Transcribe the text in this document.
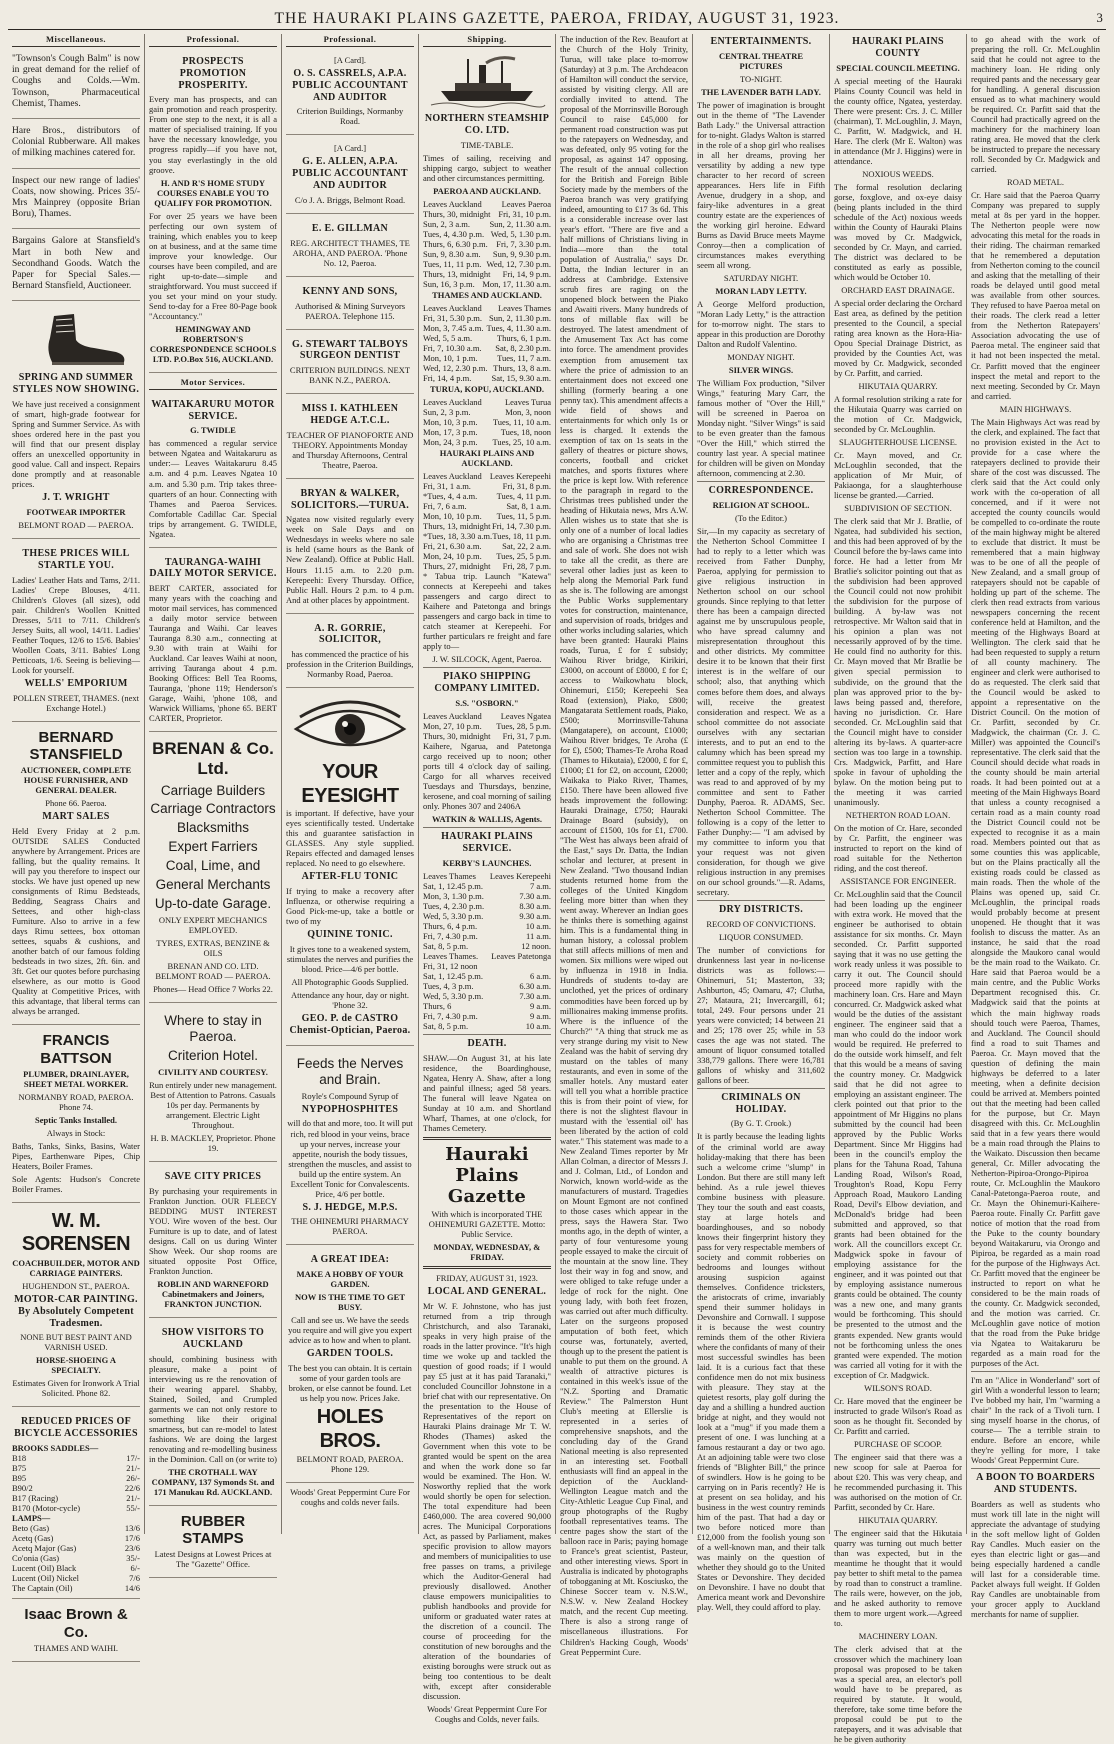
THE HAURAKI PLAINS GAZETTE, PAEROA, FRIDAY, AUGUST 31, 1923.	3
Miscellaneous.

"Townson's Cough Balm" is now in great demand for the relief of Coughs and Colds.—Wm. Townson, Pharmaceutical Chemist, Thames.

Hare Bros., distributors of Colonial Rubberware. All makes of milking machines catered for.

Inspect our new range of ladies' Coats, now showing. Prices 35/- Mrs Mainprey (opposite Brian Boru), Thames.

Bargains Galore at Stansfield's Mart in both New and Secondhand Goods. Watch the Paper for Special Sales.—Bernard Stansfield, Auctioneer.

SPRING AND SUMMER STYLES NOW SHOWING.

We have just received a consignment of smart, high-grade footwear for Spring and Summer Service. As with shoes ordered here in the past you will find that our present display offers an unexcelled opportunity in good value. Call and inspect. Repairs done promptly and at reasonable prices.

J. T. WRIGHT
FOOTWEAR IMPORTER
BELMONT ROAD — PAEROA.
THESE PRICES WILL STARTLE YOU.

Ladies' Leather Hats and Tams, 2/11. Ladies' Crepe Blouses, 4/11. Children's Gloves (all sizes), odd pair. Children's Woollen Knitted Dresses, 5/11 to 7/11. Children's Jersey Suits, all wool, 14/11. Ladies' Feather Toques, 12/6 to 15/6. Babies' Woollen Coats, 3/11. Babies' Long Petticoats, 1/6. Seeing is believing—Look for yourself.

WELLS' EMPORIUM
POLLEN STREET, THAMES. (next Exchange Hotel.)
BERNARD STANSFIELD
AUCTIONEER, COMPLETE HOUSE FURNISHER, AND GENERAL DEALER.
Phone 66. Paeroa.
MART SALES

Held Every Friday at 2 p.m. OUTSIDE SALES Conducted anywhere by Arrangement. Prices are falling, but the quality remains. It will pay you therefore to inspect our stocks. We have just opened up new consignments of Rimu Bedsteads, Bedding, Seagrass Chairs and Settees, and other high-class Furniture. Also to arrive in a few days Rimu settees, box ottoman settees, squabs & cushions, and another batch of our famous folding bedsteads in two sizes, 2ft. 6in. and 3ft. Get our quotes before purchasing elsewhere, as our motto is Good Quality at Competitive Prices, with this advantage, that liberal terms can always be arranged.

FRANCIS BATTSON
PLUMBER, DRAINLAYER, SHEET METAL WORKER.
NORMANBY ROAD, PAEROA. Phone 74.
Septic Tanks Installed.
Always in Stock:

Baths, Tanks, Sinks, Basins, Water Pipes, Earthenware Pipes, Chip Heaters, Boiler Frames.

Sole Agents: Hudson's Concrete Boiler Frames.

W. M. SORENSEN
COACHBUILDER, MOTOR AND CARRIAGE PAINTERS.
HUGHENDON ST., PAEROA.
MOTOR-CAR PAINTING. By Absolutely Competent Tradesmen.
NONE BUT BEST PAINT AND VARNISH USED.
HORSE-SHOEING A SPECIALTY.
Estimates Given for Ironwork A Trial Solicited. Phone 82.
REDUCED PRICES OF BICYCLE ACCESSORIES
BROOKS SADDLES—
B18	17/-
B75	21/-
B95	26/-
B90/2	22/6
B17 (Racing)	21/-
B170 (Motor-cycle)	55/-
LAMPS—
Beto (Gas)	13/6
Acetq (Gas)	17/6
Acetq Major (Gas)	23/6
Co'onia (Gas)	35/-
Lucent (Oil) Black	6/-
Lucent (Oil) Nickel	7/6
The Captain (Oil)	14/6
Isaac Brown & Co.
THAMES AND WAIHI.
Professional.
PROSPECTS PROMOTION PROSPERITY.

Every man has prospects, and can gain promotion and reach prosperity. From one step to the next, it is all a matter of specialised training. If you have the necessary knowledge, you progress rapidly—if you have not, you stay everlastingly in the old groove.

H. AND R'S HOME STUDY COURSES ENABLE YOU TO QUALIFY FOR PROMOTION.

For over 25 years we have been perfecting our own system of training, which enables you to keep on at business, and at the same time improve your knowledge. Our courses have been compiled, and are right up-to-date—simple and straightforward. You must succeed if you set your mind on your study. Send to-day for a Free 80-Page book "Accountancy."

HEMINGWAY AND ROBERTSON'S CORRESPONDENCE SCHOOLS LTD. P.O.Box 516, AUCKLAND.
Motor Services.
WAITAKARURU MOTOR SERVICE.
G. TWIDLE

has commenced a regular service between Ngatea and Waitakaruru as under:— Leaves Waitakaruru 8.45 a.m. and 4 p.m. Leaves Ngatea 10 a.m. and 5.30 p.m. Trip takes three-quarters of an hour. Connecting with Thames and Paeroa Services. Comfortable Cadillac Car. Special trips by arrangement. G. TWIDLE, Ngatea.

TAURANGA-WAIHI DAILY MOTOR SERVICE.

BERT CARTER, associated for many years with the coaching and motor mail services, has commenced a daily motor service between Tauranga and Waihi. Car leaves Tauranga 8.30 a.m., connecting at 9.30 with train at Waihi for Auckland. Car leaves Waihi at noon, arriving Tauranga about 4 p.m. Booking Offices: Bell Tea Rooms, Tauranga, 'phone 119; Henderson's Garage, Waihi, 'phone 108, and Warwick Williams, 'phone 65. BERT CARTER, Proprietor.

BRENAN & Co. Ltd.
Carriage Builders
Carriage Contractors
Blacksmiths
Expert Farriers
Coal, Lime, and
General Merchants
Up-to-date Garage.
ONLY EXPERT MECHANICS EMPLOYED.
TYRES, EXTRAS, BENZINE & OILS
BRENAN AND CO. LTD. BELMONT ROAD — PAEROA.
Phones— Head Office 7 Works 22.
Where to stay in Paeroa.
Criterion Hotel.
CIVILITY AND COURTESY.

Run entirely under new management. Best of Attention to Patrons. Casuals 10s per day. Permanents by arrangement. Electric Light Throughout.

H. B. MACKLEY, Proprietor. Phone 19.
SAVE CITY PRICES

By purchasing your requirements in Frankton Junction. OUR FLEECY BEDDING MUST INTEREST YOU. Wire woven of the best. Our Furniture is up to date, and of latest designs. Call on us during Winter Show Week. Our shop rooms are situated opposite Post Office, Frankton Junction.

ROBLIN AND WARNEFORD Cabinetmakers and Joiners, FRANKTON JUNCTION.
SHOW VISITORS TO AUCKLAND

should, combining business with pleasure, make a point of interviewing us re the renovation of their wearing apparel. Shabby, Stained, Soiled, and Crumpled garments we can not only restore to something like their original smartness, but can re-model to latest fashions. We are doing the largest renovating and re-modelling business in the Dominion. Call on (or write to)

THE CROTHALL WAY COMPANY, 137 Symonds St. and 171 Manukau Rd. AUCKLAND.
RUBBER STAMPS
Latest Designs at Lowest Prices at The "Gazette" Office.
Professional.
[A Card].
O. S. CASSRELS, A.P.A. PUBLIC ACCOUNTANT AND AUDITOR
Criterion Buildings, Normanby Road.
[A Card.]
G. E. ALLEN, A.P.A. PUBLIC ACCOUNTANT AND AUDITOR
C/o J. A. Briggs, Belmont Road.
E. E. GILLMAN
REG. ARCHITECT THAMES, TE AROHA, AND PAEROA. 'Phone No. 12, Paeroa.
KENNY AND SONS,
Authorised & Mining Surveyors PAEROA. Telephone 115.
G. STEWART TALBOYS SURGEON DENTIST
CRITERION BUILDINGS. NEXT BANK N.Z., PAEROA.
MISS I. KATHLEEN HEDGE A.T.C.L.

TEACHER OF PIANOFORTE AND THEORY. Appointments Monday and Thursday Afternoons, Central Theatre, Paeroa.

BRYAN & WALKER, SOLICITORS.—TURUA.

Ngatea now visited regularly every week on Sale Days and on Wednesdays in weeks where no sale is held (same hours as the Bank of New Zealand). Office at Public Hall. Hours 11.15 a.m. to 2.20 p.m. Kerepeehi: Every Thursday. Office, Public Hall. Hours 2 p.m. to 4 p.m. And at other places by appointment.

A. R. GORRIE, SOLICITOR,

has commenced the practice of his profession in the Criterion Buildings, Normanby Road, Paeroa.

YOUR EYESIGHT

is important. If defective, have your eyes scientifically tested. Undertake this and guarantee satisfaction in GLASSES. Any style supplied. Repairs effected and damaged lenses replaced. No need to go elsewhere.

AFTER-FLU TONIC

If trying to make a recovery after Influenza, or otherwise requiring a Good Pick-me-up, take a bottle or two of my

QUININE TONIC.

It gives tone to a weakened system, stimulates the nerves and purifies the blood. Price—4/6 per bottle.

All Photographic Goods Supplied.
Attendance any hour, day or night. 'Phone 32.
GEO. P. de CASTRO Chemist-Optician, Paeroa.
Feeds the Nerves and Brain.
Royle's Compound Syrup of
NYPOPHOSPHITES

will do that and more, too. It will put rich, red blood in your veins, brace up your nerves, increase your appetite, nourish the body tissues, strengthen the muscles, and assist to build up the entire system. An Excellent Tonic for Convalescents. Price, 4/6 per bottle.

S. J. HEDGE, M.P.S.
THE OHINEMURI PHARMACY PAEROA.
A GREAT IDEA:
MAKE A HOBBY OF YOUR GARDEN.
NOW IS THE TIME TO GET BUSY.

Call and see us. We have the seeds you require and will give you expert advice as to how and when to plant.

GARDEN TOOLS.

The best you can obtain. It is certain some of your garden tools are broken, or else cannot be found. Let us help you now. Prices Jake.

HOLES BROS.
BELMONT ROAD, PAEROA. Phone 129.
Woods' Great Peppermint Cure For coughs and colds never fails.
Shipping.
NORTHERN STEAMSHIP CO. LTD.
TIME-TABLE.

Times of sailing, receiving and shipping cargo, subject to weather and other circumstances permitting.

PAEROA AND AUCKLAND.
Leaves Auckland Leaves Paeroa
Thurs, 30, midnight Fri, 31, 10 p.m.
Sun, 2, 3 a.m. Sun, 2, 11.30 a.m.
Tues, 4, 4.30 p.m. Wed, 5, 1.30 p.m.
Thurs, 6, 6.30 p.m. Fri, 7, 3.30 p.m.
Sun, 9, 8.30 a.m. Sun, 9, 9.30 p.m.
Tues, 11, 11 p.m. Wed, 12, 7.30 p.m.
Thurs, 13, midnight Fri, 14, 9 p.m.
Sun, 16, 3 p.m. Mon, 17, 11.30 a.m.
THAMES AND AUCKLAND.
Leaves Auckland Leaves Thames
Fri, 31, 5.30 p.m. Sun, 2, 11.30 p.m.
Mon, 3, 7.45 a.m. Tues, 4, 11.30 a.m.
Wed, 5, 5 a.m.	Thurs, 6, 1 p.m.
Fri, 7, 10.30 a.m. Sat, 8, 2.30 p.m.
Mon, 10, 1 p.m. Tues, 11, 7 a.m.
Wed, 12, 2.30 p.m. Thurs, 13, 8 a.m.
Fri, 14, 4 p.m. Sat, 15, 9.30 a.m.
TURUA, KOPU, AUCKLAND.
Leaves Auckland	Leaves Turua
Sun, 2, 3 p.m.	Mon, 3, noon
Mon, 10, 3 p.m. Tues, 11, 10 a.m.
Mon, 17, 3 p.m.	Tues, 18, noon
Mon, 24, 3 p.m. Tues, 25, 10 a.m.
HAURAKI PLAINS AND AUCKLAND.
Leaves Auckland Leaves Kerepeehi
Fri, 31, 1 a.m.	Fri, 31, 8 p.m.
*Tues, 4, 4 a.m. Tues, 4, 11 p.m.
Fri, 7, 6 a.m.	Sat, 8, 1 a.m.
Mon, 10, 10 p.m. Tues, 11, 5 p.m.
Thurs, 13, midnight Fri, 14, 7.30 p.m.
*Tues, 18, 3.30 a.m. Tues, 18, 11 p.m.
Fri, 21, 6.30 a.m. Sat, 22, 2 a.m.
Mon, 24, 10 p.m. Tues, 25, 5 p.m.
Thurs, 27, midnight Fri, 28, 7 p.m.

* Tabua trip. Launch "Katewa" connects at Kerepeehi and takes passengers and cargo direct to Kaihere and Patetonga and brings passengers and cargo back in time to catch steamer at Kerepeehi. For further particulars re freight and fare apply to—

J. W. SILCOCK, Agent, Paeroa.
PIAKO SHIPPING COMPANY LIMITED.
S.S. "OSBORN."
Leaves Auckland Leaves Ngatea
Mon, 27, 10 p.m. Tues, 28, 5 p.m.
Thurs, 30, midnight Fri, 31, 7 p.m.

Kaihere, Ngarua, and Patetonga cargo received up to noon; other ports till 4 o'clock day of sailing. Cargo for all wharves received Tuesdays and Thursdays, benzine, kerosene, and coal morning of sailing only. Phones 307 and 2406A

WATKIN & WALLIS, Agents.
HAURAKI PLAINS SERVICE.
KERBY'S LAUNCHES.
Leaves Thames Leaves Kerepeehi
Sat, 1, 12.45 p.m.	7 a.m.
Mon, 3, 1.30 p.m.	7.30 a.m.
Tues, 4, 2.30 p.m.	8.30 a.m.
Wed, 5, 3.30 p.m.	9.30 a.m.
Thurs, 6, 4 p.m.	10 a.m.
Fri, 7, 4.30 p.m.	11 a.m.
Sat, 8, 5 p.m.	12 noon.
Leaves Thames. Leaves Patetonga
Fri, 31, 12 noon
Sat, 1, 12.45 p.m.	6 a.m.
Tues, 4, 3 p.m.	6.30 a.m.
Wed, 5, 3.30 p.m.	7.30 a.m.
Thurs, 6	9 a.m.
Fri, 7, 4.30 p.m.	9 a.m.
Sat, 8, 5 p.m.	10 a.m.
DEATH.

SHAW.—On August 31, at his late residence, the Boardinghouse, Ngatea, Henry A. Shaw, after a long and painful illness; aged 58 years. The funeral will leave Ngatea on Sunday at 10 a.m. and Shortland Wharf, Thames, at one o'clock, for Thames Cemetery.

Hauraki Plains Gazette
With which is incorporated THE OHINEMURI GAZETTE. Motto: Public Service.
MONDAY, WEDNESDAY, & FRIDAY.
FRIDAY, AUGUST 31, 1923.
LOCAL AND GENERAL.

Mr W. F. Johnstone, who has just returned from a trip through Christchurch, and also Taranaki, speaks in very high praise of the roads in the latter province. "It's high time we woke up and tackled the question of good roads; if I would pay £5 just at it has paid Taranaki," concluded Councillor Johnstone in a brief chat with our representative. On the presentation to the House of Representatives of the report on Hauraki Plains drainage Mr T. W. Rhodes (Thames) asked the Government when this vote to be granted would be spent on the area and when the work done so far would be examined. The Hon. W. Nosworthy replied that the work would shortly be open for selection. The total expenditure had been £460,000. The area covered 90,000 acres. The Municipal Corporations Act, as passed by Parliament, makes specific provision to allow mayors and members of municipalities to use free passes on trams, a privilege which the Auditor-General had previously disallowed. Another clause empowers municipalities to publish handbooks and provide for uniform or graduated water rates at the discretion of a council. The course of proceeding for the constitution of new boroughs and the alteration of the boundaries of existing boroughs were struck out as being too contentious to be dealt with, except after considerable discussion.

Woods' Great Peppermint Cure For Coughs and Colds, never fails.

The induction of the Rev. Beaufort at the Church of the Holy Trinity, Turua, will take place to-morrow (Saturday) at 3 p.m. The Archdeacon of Hamilton will conduct the service, assisted by visiting clergy. All are cordially invited to attend. The proposal of the Morrinsville Borough Council to raise £45,000 for permanent road construction was put to the ratepayers on Wednesday, and was defeated, only 95 voting for the proposal, as against 147 opposing. The result of the annual collection for the British and Foreign Bible Society made by the members of the Paeroa branch was very gratifying indeed, amounting to £17 3s 6d. This is a considerable increase over last year's effort. "There are five and a half millions of Christians living in India—more than the total population of Australia," says Dr. Datta, the Indian lecturer in an address at Cambridge. Extensive scrub fires are raging on the unopened block between the Piako and Awaiti rivers. Many hundreds of tons of millable flax will be destroyed. The latest amendment of the Amusement Tax Act has come into force. The amendment provides exemption from amusement tax where the price of admission to an entertainment does not exceed one shilling (formerly bearing a one penny tax). This amendment affects a wide field of shows and entertainments for which only 1s or less is charged. It extends the exemption of tax on 1s seats in the gallery of theatres or picture shows, concerts, football and cricket matches, and sports fixtures where the price is kept low. With reference to the paragraph in regard to the Christmas trees published under the heading of Hikutaia news, Mrs A.W. Allen wishes us to state that she is only one of a number of local ladies who are organising a Christmas tree and sale of work. She does not wish to take all the credit, as there are several other ladies just as keen to help along the Memorial Park fund as she is. The following are amongst the Public Works supplementary votes for construction, maintenance, and supervision of roads, bridges and other works including salaries, which have been granted: Hauraki Plains roads, Turua, £ for £ subsidy; Waihou River bridge, Kirikiri, £3000, on account of £8000, £ for £; access to Waikowhatu block, Ohinemuri, £150; Kerepeehi Sea Road (extension), Piako, £800; Mangatarata Settlement roads, Piako, £500; Morrinsville-Tahuna (Mangatapere), on account, £1000; Waihou River bridges, Te Aroha (£ for £), £500; Thames-Te Aroha Road (Thames to Hikutaia), £2000, £ for £, £1000; £1 for £2, on account, £2000; Waikaka to Piako River, Thames, £150. There have been allowed five heads improvement the following: Hauraki Drainage, £750; Hauraki Drainage Board (subsidy), on account of £1500, 10s for £1, £700. "The West has always been afraid of the East," says Dr. Datta, the Indian scholar and lecturer, at present in New Zealand. "Two thousand Indian students returned home from the colleges of the United Kingdom feeling more bitter than when they went away. Wherever an Indian goes he thinks there is something against him. This is a fundamental thing in human history, a colossal problem that still affects millions of men and women. Six millions were wiped out by influenza in 1918 in India. Hundreds of students to-day are unclothed, yet the prices of ordinary commodities have been forced up by millionaires making immense profits. Where is the influence of the Church?" "A thing that struck me as very strange during my visit to New Zealand was the habit of serving dry mustard on the tables of many restaurants, and even in some of the smaller hotels. Any mustard eater will tell you what a horrible practice this is from their point of view, for there is not the slightest flavour in mustard with the 'essential oil' has been liberated by the action of cold water." This statement was made to a New Zealand Times reporter by Mr Allan Colman, a director of Messrs J. and J. Colman, Ltd., of London and Norwich, known world-wide as the manufacturers of mustard. Tragedies on Mount Egmont are not confined to those cases which appear in the press, says the Hawera Star. Two months ago, in the depth of winter, a party of four venturesome young people essayed to make the circuit of the mountain at the snow line. They lost their way in fog and snow, and were obliged to take refuge under a ledge of rock for the night. One young lady, with both feet frozen, was carried out after much difficulty. Later on the surgeons proposed amputation of both feet, which course was, fortunately, averted, though up to the present the patient is unable to put them on the ground. A wealth of attractive pictures is contained in this week's issue of the "N.Z. Sporting and Dramatic Review." The Palmerston Hunt Club's meeting at Ellerslie is represented in a series of comprehensive snapshots, and the concluding day of the Grand National meeting is also represented in an interesting set. Football enthusiasts will find an appeal in the depiction of the Auckland-Wellington League match and the City-Athletic League Cup Final, and group photographs of the Rugby football representatives teams. The centre pages show the start of the balloon race in Paris; paying homage to France's great scientist, Pasteur, and other interesting views. Sport in Australia is indicated by photographs of tobogganing at Mt. Kosciusko, the Chinese Soccer team v. N.S.W., N.S.W. v. New Zealand Hockey match, and the recent Cup meeting. There is also a strong range of miscellaneous illustrations. For Children's Hacking Cough, Woods' Great Peppermint Cure.

ENTERTAINMENTS.
CENTRAL THEATRE PICTURES
TO-NIGHT.
THE LAVENDER BATH LADY.

The power of imagination is brought out in the theme of "The Lavender Bath Lady." the Universal attraction for to-night. Gladys Walton is starred in the role of a shop girl who realises in all her dreams, proving her versatility by adding a new type character to her record of screen appearances. Hers life in Fifth Avenue, drudgery in a shop, and fairy-like adventures in a great country estate are the experiences of the working girl heroine. Edward Burns as David Bruce meets Mayme Conroy—then a complication of circumstances makes everything seem all wrong.

SATURDAY NIGHT.
MORAN LADY LETTY.

A George Melford production, "Moran Lady Letty," is the attraction for to-morrow night. The stars to appear in this production are Dorothy Dalton and Rudolf Valentino.

MONDAY NIGHT.
SILVER WINGS.

The William Fox production, "Silver Wings," featuring Mary Carr, the famous mother of "Over the Hill," will be screened in Paeroa on Monday night. "Silver Wings" is said to be even greater than the famous "Over the Hill," which stirred the country last year. A special matinee for children will be given on Monday afternoon, commencing at 2.30.

CORRESPONDENCE.
RELIGION AT SCHOOL.
(To the Editor.)

Sir,—In my capacity as secretary of the Netherton School Committee I had to reply to a letter which was received from Father Dunphy, Paeroa, applying for permission to give religious instruction in Netherton school on our school grounds. Since replying to that letter there has been a campaign directed against me by unscrupulous people, who have spread calumny and misrepresentation throughout this and other districts. My committee desire it to be known that their first interest is in the welfare of our school; also, that anything which comes before them does, and always will, receive the greatest consideration and respect. We as a school committee do not associate ourselves with any sectarian interests, and to put an end to the calumny which has been spread my committee request you to publish this letter and a copy of the reply, which was read to and approved of by my committee and sent to Father Dunphy, Paeroa. R. ADAMS, Sec. Netherton School Committee. The following is a copy of the letter to Father Dunphy:— "I am advised by my committee to inform you that your request was not given consideration, for though we give religious instruction in any premises on our school grounds."—R. Adams, secretary.

DRY DISTRICTS.
RECORD OF CONVICTIONS.
LIQUOR CONSUMED.

The number of convictions for drunkenness last year in no-license districts was as follows:— Ohinemuri, 51; Masterton, 33; Ashburton, 45; Oamaru, 47; Clutha, 27; Mataura, 21; Invercargill, 61; total, 249. Four persons under 21 years were convicted; 14 between 21 and 25; 178 over 25; while in 53 cases the age was not stated. The amount of liquor consumed totalled 338,779 gallons. There were 16,781 gallons of whisky and 311,602 gallons of beer.

CRIMINALS ON HOLIDAY.
(By G. T. Crook.)

It is partly because the leading lights of the criminal world are away holiday-making that there has been such a welcome crime "slump" in London. But there are still many left behind. As a rule jewel thieves combine business with pleasure. They tour the south and east coasts, stay at large hotels and boardinghouses, and so nobody knows their fingerprint history they pass for very respectable members of society and commit robberies on bedrooms and lounges without arousing suspicion against themselves. Confidence tricksters, the aristocrats of crime, invariably spend their summer holidays in Devonshire and Cornwall. I suppose it is because the west country reminds them of the other Riviera where the confidants of many of their most successful swindles has been laid. It is a curious fact that these confidence men do not mix business with pleasure. They stay at the quietest resorts, play golf during the day and a shilling a hundred auction bridge at night, and they would not look at a "mug" if you made them a present of one. I was lunching at a famous restaurant a day or two ago. At an adjoining table were two close friends of "Blighter Bill," the prince of swindlers. How is he going to be carrying on in Paris recently? He is at present on sea holiday, and his business in the west country reminds him of the past. That had a day or two before noticed more than £12,000 from the foolish young son of a well-known man, and their talk was mainly on the question of whether they should go to the United States or Devonshire. They decided on Devonshire. I have no doubt that America meant work and Devonshire play. Well, they could afford to play.

HAURAKI PLAINS COUNTY
SPECIAL COUNCIL MEETING.

A special meeting of the Hauraki Plains County Council was held in the county office, Ngatea, yesterday. There were present: Crs. J. C. Miller (chairman), T. McLoughlin, J. Mayn, C. Parfitt, W. Madgwick, and H. Hare. The clerk (Mr E. Walton) was in attendance (Mr J. Higgins) were in attendance.

NOXIOUS WEEDS.

The formal resolution declaring gorse, foxglove, and ox-eye daisy (being plants included in the third schedule of the Act) noxious weeds within the County of Hauraki Plains was moved by Cr. Madgwick, seconded by Cr. Mayn, and carried. The district was declared to be constituted as early as possible, which would be October 10.

ORCHARD EAST DRAINAGE.

A special order declaring the Orchard East area, as defined by the petition presented to the Council, a special rating area known as the Hora-Hia-Opou Special Drainage District, as provided by the Counties Act, was moved by Cr. Madgwick, seconded by Cr. Parfitt, and carried.

HIKUTAIA QUARRY.

A formal resolution striking a rate for the Hikutaia Quarry was carried on the motion of Cr. Madgwick, seconded by Cr. McLoughlin.

SLAUGHTERHOUSE LICENSE.

Cr. Mayn moved, and Cr. McLoughlin seconded, that the application of Mr Muir, of Pakiaonga, for a slaughterhouse license be granted.—Carried.

SUBDIVISION OF SECTION.

The clerk said that Mr J. Bratlie, of Ngatea, had subdivided his section, and this had been approved of by the Council before the by-laws came into force. He had a letter from Mr Bratlie's solicitor pointing out that as the subdivision had been approved the Council could not now prohibit the subdivision for the purpose of building. A by-law was not retrospective. Mr Walton said that in his opinion a plan was not necessarily approved of by the time. He could find no authority for this. Cr. Mayn moved that Mr Bratlie be given special permission to subdivide, on the ground that the plan was approved prior to the by-laws being passed and, therefore, having no jurisdiction. Cr. Hare seconded. Cr. McLoughlin said that the Council might have to consider altering its by-laws. A quarter-acre section was too large in a township. Crs. Madgwick, Parfitt, and Hare spoke in favour of upholding the bylaw. On the motion being put to the meeting it was carried unanimously.

NETHERTON ROAD LOAN.

On the motion of Cr. Hare, seconded by Cr. Parfitt, the engineer was instructed to report on the kind of road suitable for the Netherton riding, and the cost thereof.

ASSISTANCE FOR ENGINEER.

Cr. McLoughlin said that the Council had been loading up the engineer with extra work. He moved that the engineer be authorised to obtain assistance for six months. Cr. Mayn seconded. Cr. Parfitt supported saying that it was no use getting the work ready unless it was possible to carry it out. The Council should proceed more rapidly with the machinery loan. Crs. Hare and Mayn concurred. Cr. Madgwick asked what would be the duties of the assistant engineer. The engineer said that a man who could do the indoor work would be required. He preferred to do the outside work himself, and felt that this would be a means of saving the country money. Cr. Madgwick said that he did not agree to employing an assistant engineer. The clerk pointed out that prior to the appointment of Mr Higgins no plans submitted by the council had been approved by the Public Works Department. Since Mr Higgins had been in the council's employ the plans for the Tahuna Road, Tahuna Landing Road, Wilson's Road, Troughton's Road, Kopu Ferry Approach Road, Maukoro Landing Road, Devil's Elbow deviation, and McDonald's bridge had been submitted and approved, so that grants had been obtained for the work. All the councillors except Cr. Madgwick spoke in favour of employing assistance for the engineer, and it was pointed out that by employing assistance numerous grants could be obtained. The county was a new one, and many grants would be forthcoming. This should be presented to the utmost and the grants expended. New grants would not be forthcoming unless the ones granted were expended. The motion was carried all voting for it with the exception of Cr. Madgwick.

WILSON'S ROAD.

Cr. Hare moved that the engineer be instructed to grade Wilson's Road as soon as he thought fit. Seconded by Cr. Parfitt and carried.

PURCHASE OF SCOOP.

The engineer said that there was a new scoop for sale at Paeroa for about £20. This was very cheap, and he recommended purchasing it. This was authorised on the motion of Cr. Parfitt, seconded by Cr. Hare.

HIKUTAIA QUARRY.

The engineer said that the Hikutaia quarry was turning out much better than was expected, but in the meantime he thought that it would pay better to shift metal to the pamea by road than to construct a tramline. The rails were, however, on the job, and he asked authority to remove them to more urgent work.—Agreed to.

MACHINERY LOAN.

The clerk advised that at the crossover which the machinery loan proposal was proposed to be taken was a special area, an elector's poll would have to be prepared, as required by statute. It would, therefore, take some time before the proposal could be put to the ratepayers, and it was advisable that he be given authority

to go ahead with the work of preparing the roll. Cr. McLoughlin said that he could not agree to the machinery loan. He riding only required pants and the necessary gear for handling. A general discussion ensued as to what machinery would be required. Cr. Parfitt said that the Council had practically agreed on the machinery for the machinery loan rating area. He moved that the clerk be instructed to prepare the necessary roll. Seconded by Cr. Madgwick and carried.

ROAD METAL.

Cr. Hare said that the Paeroa Quarry Company was prepared to supply metal at 8s per yard in the hopper. The Netherton people were now advocating this metal for the roads in their riding. The chairman remarked that he remembered a deputation from Netherton coming to the council and asking that the metalling of their roads be delayed until good metal was available from other sources. They refused to have Paeroa metal on their roads. The clerk read a letter from the Netherton Ratepayers' Association advocating the use of Paeroa metal. The engineer said that it had not been inspected the metal. Cr. Parfitt moved that the engineer inspect the metal and report to the next meeting. Seconded by Cr. Mayn and carried.

MAIN HIGHWAYS.

The Main Highways Act was read by the clerk, and explained. The fact that no provision existed in the Act to provide for a case where the ratepayers declined to provide their share of the cost was discussed. The clerk said that the Act could only work with the co-operation of all concerned, and if it were not accepted the county councils would be compelled to co-ordinate the route of the main highway might be altered to exclude that district. It must be remembered that a main highway was to be one of all the people of New Zealand, and a small group of ratepayers should not be capable of holding up part of the scheme. The clerk then read extracts from various newspapers concerning the recent conference held at Hamilton, and the meeting of the Highways Board at Wellington. The clerk said that he had been requested to supply a return of all county machinery. The engineer and clerk were authorised to do as requested. The clerk said that the Council would be asked to appoint a representative on the District Council. On the motion of Cr. Parfitt, seconded by Cr. Madgwick, the chairman (Cr. J. C. Miller) was appointed the Council's representative. The clerk said that the Council should decide what roads in the county should be main arterial roads. It had been pointed out at a meeting of the Main Highways Board that unless a county recognised a certain road as a main county road the District Council could not be expected to recognise it as a main road. Members pointed out that as some counties this was applicable, but on the Plains practically all the existing roads could be classed as main roads. Then the whole of the Plains was opened up, said Cr. McLoughlin, the principal roads would probably become at present unopened. He thought that it was foolish to discuss the matter. As an instance, he said that the road alongside the Maukoro canal would be the main road to the Waikato. Cr. Hare said that Paeroa would be a main centre, and the Public Works Department recognised this. Cr. Madgwick said that the points at which the main highway roads should touch were Paeroa, Thames, and Auckland. The Council should find a road to suit Thames and Paeroa. Cr. Mayn moved that the question of defining the main highways be deferred to a later meeting, when a definite decision could be arrived at. Members pointed out that the meeting had been called for the purpose, but Cr. Mayn disagreed with this. Cr. McLoughlin said that in a few years there would be a main road through the Plains to the Waikato. Discussion then became general, Cr. Miller advocating the Netherton-Pipiroa-Orongo-Pipiroa route, Cr. McLoughlin the Maukoro Canal-Patetonga-Paeroa route, and Cr. Mayn the Ohinemuri-Kaihere-Paeroa route. Finally Cr. Parfitt gave notice of motion that the road from the Puke to the county boundary beyond Waitakaruru, via Orongo and Pipiroa, be regarded as a main road for the purpose of the Highways Act. Cr. Parfitt moved that the engineer be instructed to report on what he considered to be the main roads of the county. Cr. Madgwick seconded, and the motion was carried. Cr. McLoughlin gave notice of motion that the road from the Puke bridge via Ngatea to Waitakaruru be regarded as a main road for the purposes of the Act.

I'm an "Alice in Wonderland" sort of girl With a wonderful lesson to learn; I've bobbed my hair, I'm "warming a chair" In the rack of a Tivoli turn. I sing myself hoarse in the chorus, of course— The a terrible strain to endure. Before an encore, while they're yelling for more, I take Woods' Great Peppermint Cure.

A BOON TO BOARDERS AND STUDENTS.

Boarders as well as students who must work till late in the night will appreciate the advantage of studying in the soft mellow light of Golden Ray Candles. Much easier on the eyes than electric light or gas—and being especially hardened a candle will last for a considerable time. Packet always full weight. If Golden Ray Candles are unobtainable from your grocer apply to Auckland merchants for name of supplier.
